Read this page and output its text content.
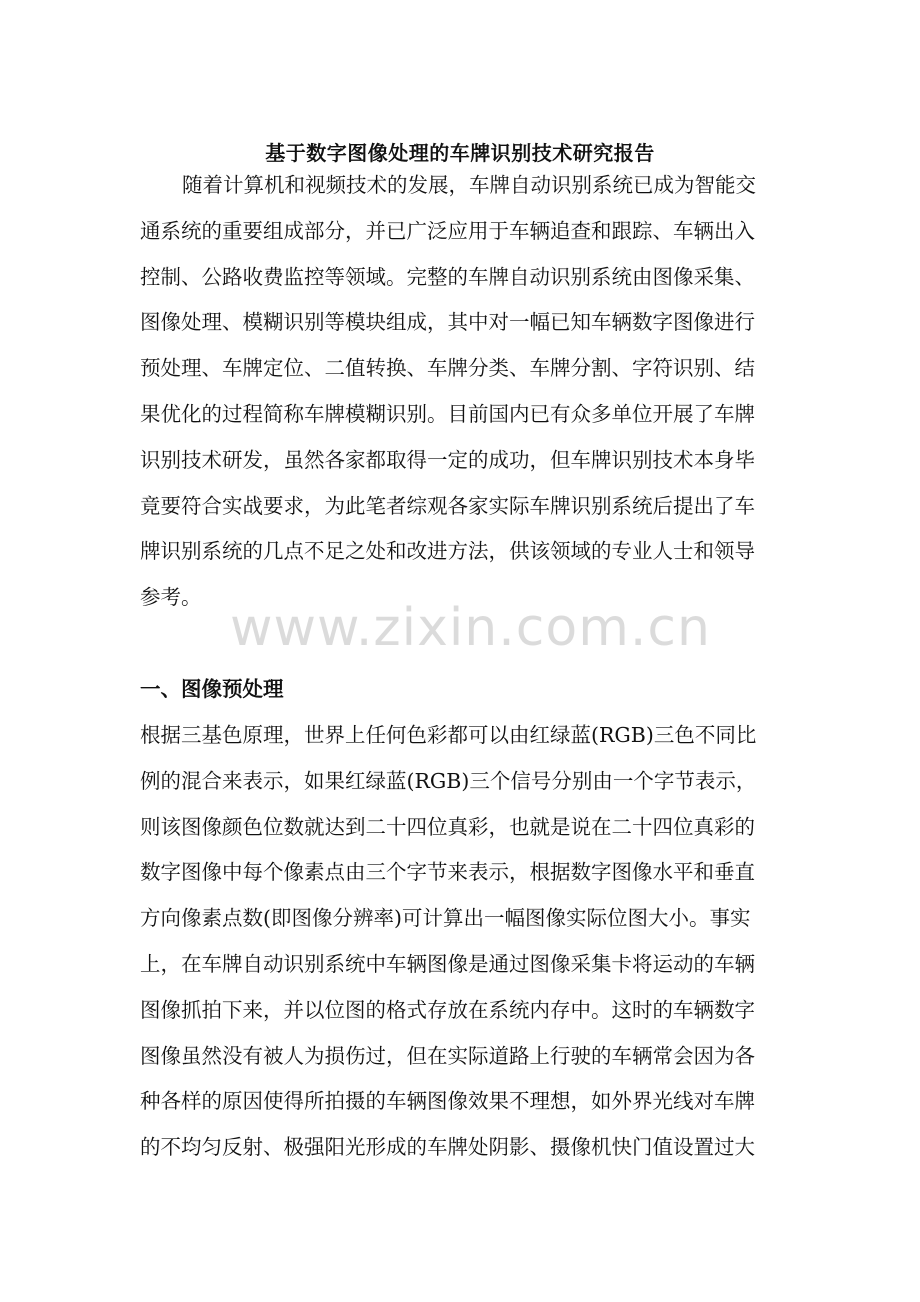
基于数字图像处理的车牌识别技术研究报告

随着计算机和视频技术的发展，车牌自动识别系统已成为智能交
通系统的重要组成部分，并已广泛应用于车辆追查和跟踪、车辆出入
控制、公路收费监控等领域。完整的车牌自动识别系统由图像采集、
图像处理、模糊识别等模块组成，其中对一幅已知车辆数字图像进行
预处理、车牌定位、二值转换、车牌分类、车牌分割、字符识别、结
果优化的过程简称车牌模糊识别。目前国内已有众多单位开展了车牌
识别技术研发，虽然各家都取得一定的成功，但车牌识别技术本身毕
竟要符合实战要求，为此笔者综观各家实际车牌识别系统后提出了车
牌识别系统的几点不足之处和改进方法，供该领域的专业人士和领导
参考。

www.zixin.com.cn
一、图像预处理

根据三基色原理，世界上任何色彩都可以由红绿蓝(RGB)三色不同比
例的混合来表示，如果红绿蓝(RGB)三个信号分别由一个字节表示，
则该图像颜色位数就达到二十四位真彩，也就是说在二十四位真彩的
数字图像中每个像素点由三个字节来表示，根据数字图像水平和垂直
方向像素点数(即图像分辨率)可计算出一幅图像实际位图大小。事实
上，在车牌自动识别系统中车辆图像是通过图像采集卡将运动的车辆
图像抓拍下来，并以位图的格式存放在系统内存中。这时的车辆数字
图像虽然没有被人为损伤过，但在实际道路上行驶的车辆常会因为各
种各样的原因使得所拍摄的车辆图像效果不理想，如外界光线对车牌
的不均匀反射、极强阳光形成的车牌处阴影、摄像机快门值设置过大
